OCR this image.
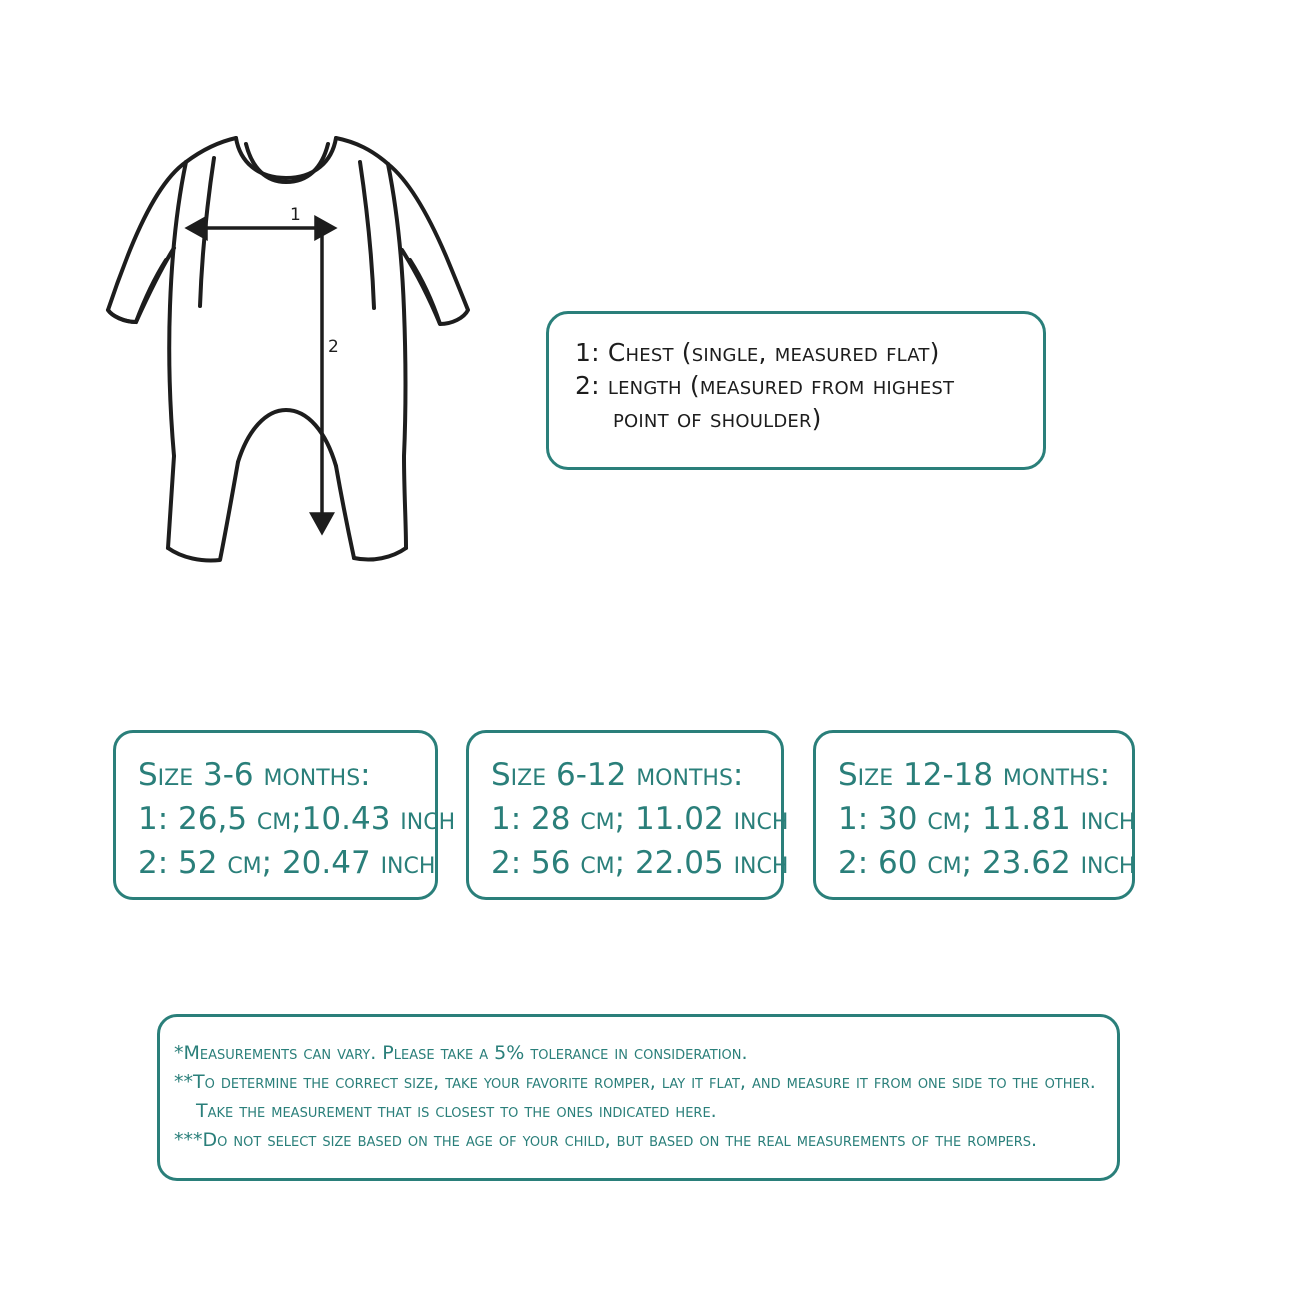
1
2	1: Chest (single, measured flat)
2: length (measured from highest
point of shoulder)
Size 3-6 months:
1: 26,5 cm;10.43 inch
2: 52 cm; 20.47 inch
Size 6-12 months:
1: 28 cm; 11.02 inch
2: 56 cm; 22.05 inch
Size 12-18 months:
1: 30 cm; 11.81 inch
2: 60 cm; 23.62 inch
*Measurements can vary. Please take a 5% tolerance in consideration.
**To determine the correct size, take your favorite romper, lay it flat, and measure it from one side to the other.
Take the measurement that is closest to the ones indicated here.
***Do not select size based on the age of your child, but based on the real measurements of the rompers.
